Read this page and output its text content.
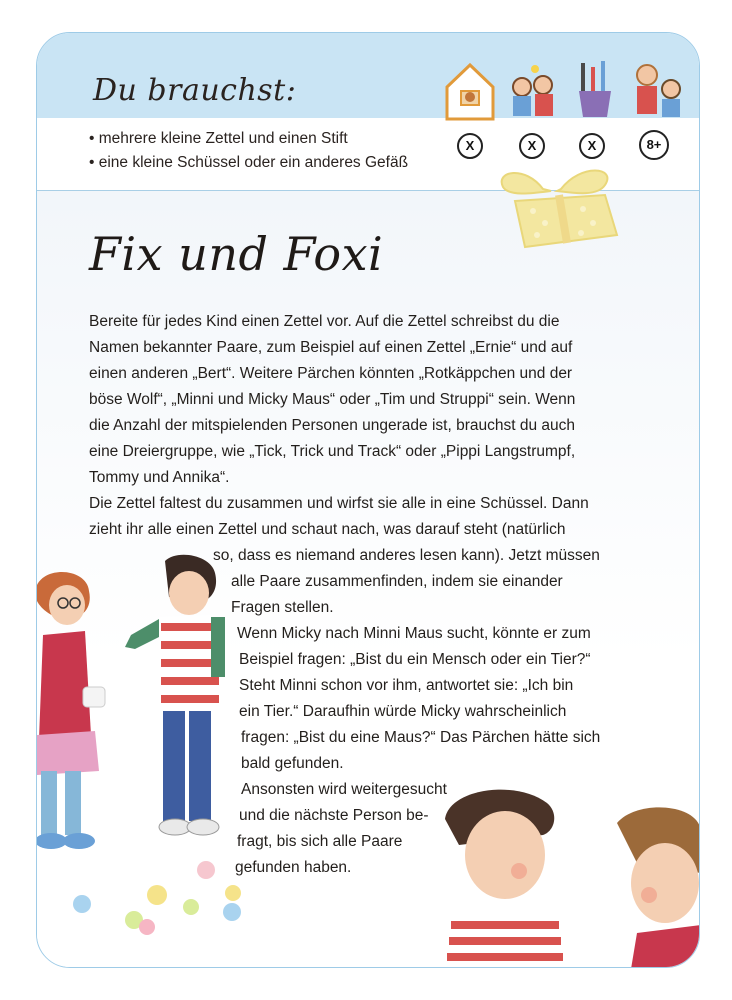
Du brauchst:
• mehrere kleine Zettel und einen Stift
• eine kleine Schüssel oder ein anderes Gefäß
X	X	X	8+
Fix und Foxi
Bereite für jedes Kind einen Zettel vor. Auf die Zettel schreibst du die
Namen bekannter Paare, zum Beispiel auf einen Zettel „Ernie“ und auf
einen anderen „Bert“. Weitere Pärchen könnten „Rotkäppchen und der
böse Wolf“, „Minni und Micky Maus“ oder „Tim und Struppi“ sein. Wenn
die Anzahl der mitspielenden Personen ungerade ist, brauchst du auch
eine Dreiergruppe, wie „Tick, Trick und Track“ oder „Pippi Langstrumpf,
Tommy und Annika“.
Die Zettel faltest du zusammen und wirfst sie alle in eine Schüssel. Dann
zieht ihr alle einen Zettel und schaut nach, was darauf steht (natürlich
so, dass es niemand anderes lesen kann). Jetzt müssen
alle Paare zusammenfinden, indem sie einander
Fragen stellen.
Wenn Micky nach Minni Maus sucht, könnte er zum
Beispiel fragen: „Bist du ein Mensch oder ein Tier?“
Steht Minni schon vor ihm, antwortet sie: „Ich bin
ein Tier.“ Daraufhin würde Micky wahrscheinlich
fragen: „Bist du eine Maus?“ Das Pärchen hätte sich
bald gefunden.
Ansonsten wird weitergesucht
und die nächste Person be-
fragt, bis sich alle Paare
gefunden haben.
